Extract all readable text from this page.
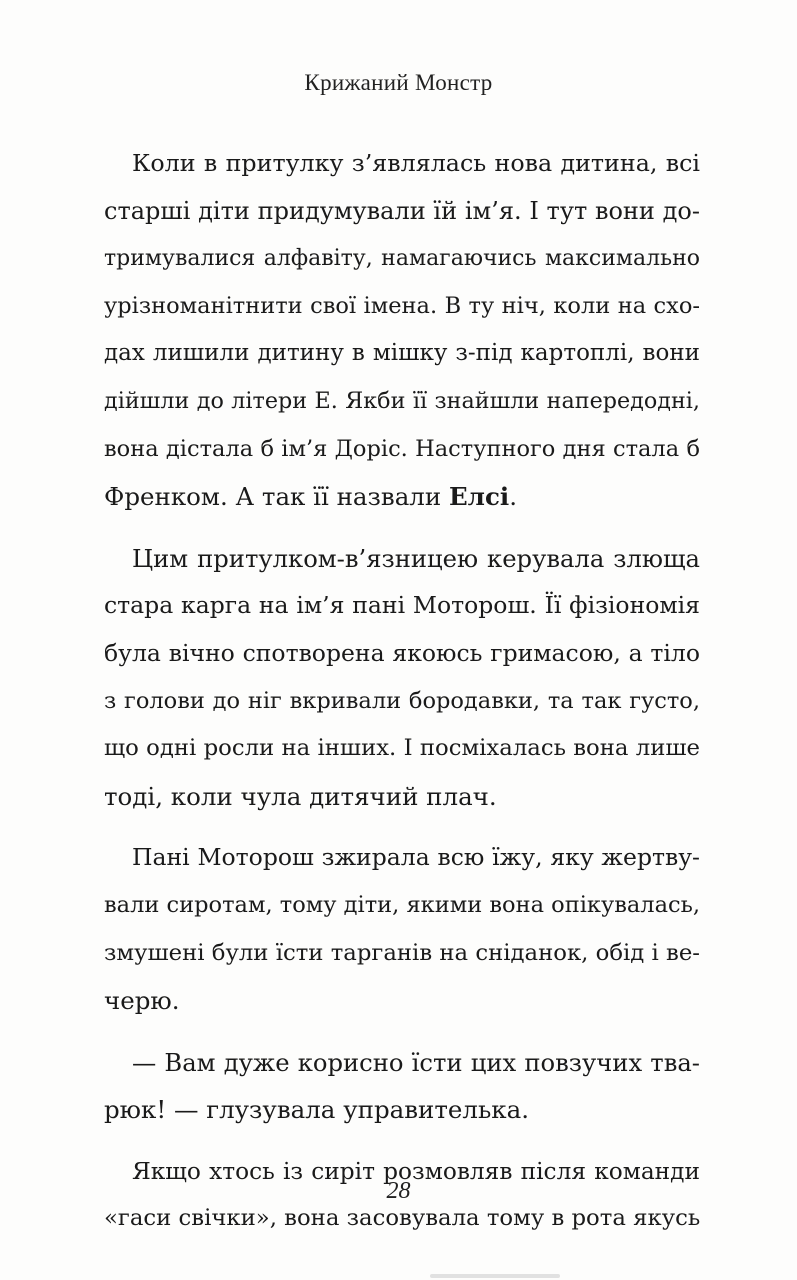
Крижаний Монстр

Коли в притулку з’являлась нова дитина, всі
старші діти придумували їй ім’я. І тут вони до-
тримувалися алфавіту, намагаючись максимально
урізноманітнити свої імена. В ту ніч, коли на схо-
дах лишили дитину в мішку з-під картоплі, вони
дійшли до літери Е. Якби її знайшли напередодні,
вона дістала б ім’я Доріс. Наступного дня стала б
Френком. А так її назвали Елсі.

Цим притулком-в’язницею керувала злюща
стара карга на ім’я пані Моторош. Її фізіономія
була вічно спотворена якоюсь гримасою, а тіло
з голови до ніг вкривали бородавки, та так густо,
що одні росли на інших. І посміхалась вона лише
тоді, коли чула дитячий плач.

Пані Моторош зжирала всю їжу, яку жертву-
вали сиротам, тому діти, якими вона опікувалась,
змушені були їсти тарганів на сніданок, обід і ве-
черю.

— Вам дуже корисно їсти цих повзучих тва-
рюк! — глузувала управителька.

Якщо хтось із сиріт розмовляв після команди
«гаси свічки», вона засовувала тому в рота якусь

28
